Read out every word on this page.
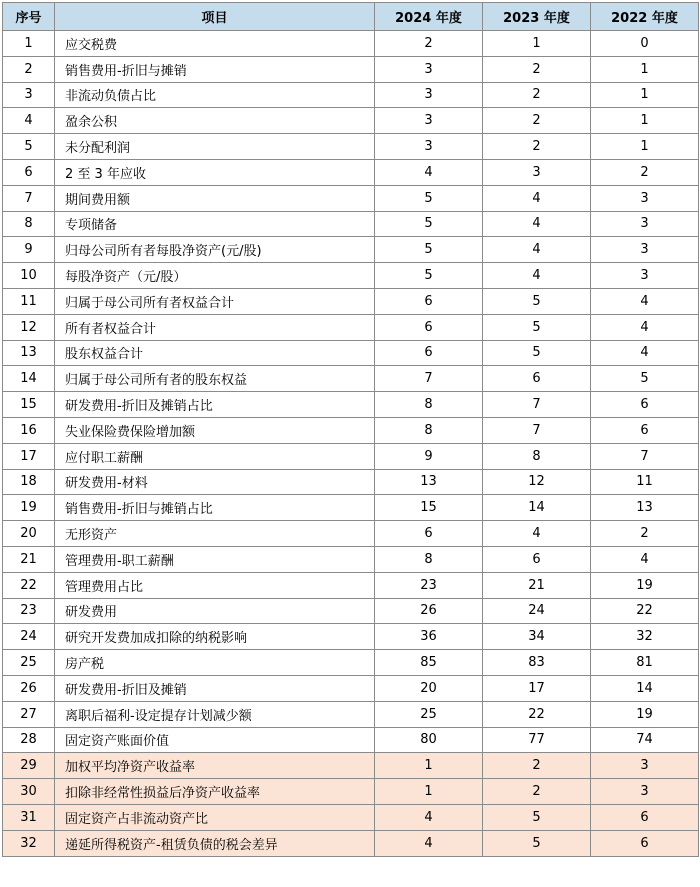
序号	项目	2024 年度	2023 年度	2022 年度
1	应交税费	2	1	0
2	销售费用-折旧与摊销	3	2	1
3	非流动负债占比	3	2	1
4	盈余公积	3	2	1
5	未分配利润	3	2	1
6	2 至 3 年应收	4	3	2
7	期间费用额	5	4	3
8	专项储备	5	4	3
9	归母公司所有者每股净资产(元/股)	5	4	3
10	每股净资产（元/股）	5	4	3
11	归属于母公司所有者权益合计	6	5	4
12	所有者权益合计	6	5	4
13	股东权益合计	6	5	4
14	归属于母公司所有者的股东权益	7	6	5
15	研发费用-折旧及摊销占比	8	7	6
16	失业保险费保险增加额	8	7	6
17	应付职工薪酬	9	8	7
18	研发费用-材料	13	12	11
19	销售费用-折旧与摊销占比	15	14	13
20	无形资产	6	4	2
21	管理费用-职工薪酬	8	6	4
22	管理费用占比	23	21	19
23	研发费用	26	24	22
24	研究开发费加成扣除的纳税影响	36	34	32
25	房产税	85	83	81
26	研发费用-折旧及摊销	20	17	14
27	离职后福利-设定提存计划减少额	25	22	19
28	固定资产账面价值	80	77	74
29	加权平均净资产收益率	1	2	3
30	扣除非经常性损益后净资产收益率	1	2	3
31	固定资产占非流动资产比	4	5	6
32	递延所得税资产-租赁负债的税会差异	4	5	6
